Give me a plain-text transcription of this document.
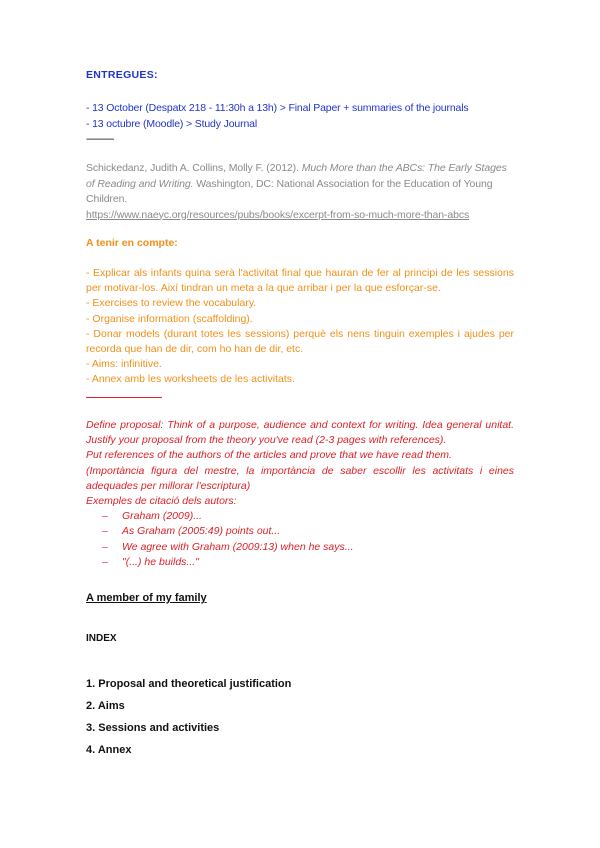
ENTREGUES:
- 13 October (Despatx 218 - 11:30h a 13h) > Final Paper + summaries of the journals
- 13 octubre (Moodle) > Study Journal
-----------
Schickedanz, Judith A. Collins, Molly F. (2012). Much More than the ABCs: The Early Stages of Reading and Writing. Washington, DC: National Association for the Education of Young Children.
https://www.naeyc.org/resources/pubs/books/excerpt-from-so-much-more-than-abcs
A tenir en compte:

- Explicar als infants quina serà l'activitat final que hauran de fer al principi de les sessions per motivar-los. Així tindran un meta a la que arribar i per la que esforçar-se.

- Exercises to review the vocabulary.

- Organise information (scaffolding).

- Donar models (durant totes les sessions) perquè els nens tinguin exemples i ajudes per recorda que han de dir, com ho han de dir, etc.

- Aims: infinitive.

- Annex amb les worksheets de les activitats.

Define proposal: Think of a purpose, audience and context for writing. Idea general unitat. Justify your proposal from the theory you've read (2-3 pages with references).

Put references of the authors of the articles and prove that we have read them.

(Importància figura del mestre, la importància de saber escollir les activitats i eines adequades per millorar l'escriptura)

Exemples de citació dels autors:

– Graham (2009)...
– As Graham (2005:49) points out...
– We agree with Graham (2009:13) when he says...
– "(...) he builds..."
A member of my family
INDEX
1. Proposal and theoretical justification
2. Aims
3. Sessions and activities
4. Annex
